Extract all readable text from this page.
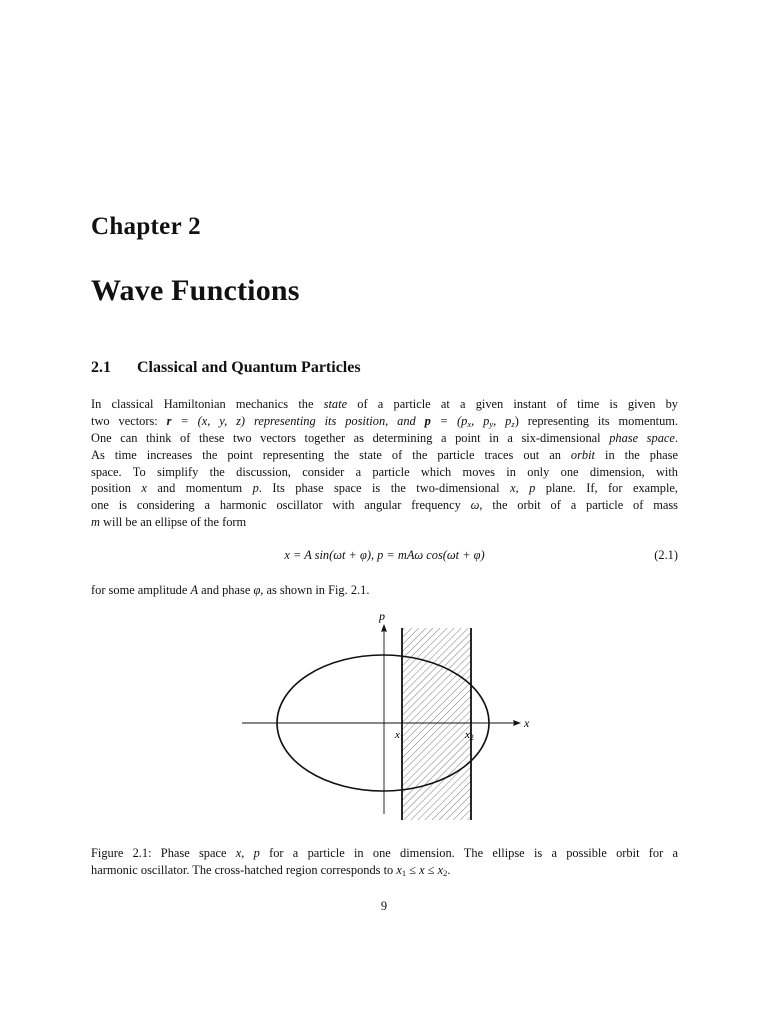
Chapter 2
Wave Functions
2.1 Classical and Quantum Particles
In classical Hamiltonian mechanics the state of a particle at a given instant of time is given by
two vectors: r = (x, y, z) representing its position, and $p = (p_x$, $p_y$, $p_z$) representing its momentum.
One can think of these two vectors together as determining a point in a six-dimensional phase space.
As time increases the point representing the state of the particle traces out an orbit in the phase
space. To simplify the discussion, consider a particle which moves in only one dimension, with
position x and momentum p. Its phase space is the two-dimensional x, p plane. If, for example,
one is considering a harmonic oscillator with angular frequency ω, the orbit of a particle of mass
m will be an ellipse of the form
x = A sin(ωt + φ), p = mAω cos(ωt + φ)	(2.1)
for some amplitude A and phase φ, as shown in Fig. 2.1.
x
p
x1	x2
Figure 2.1: Phase space x, p for a particle in one dimension. The ellipse is a possible orbit for a
harmonic oscillator. The cross-hatched region corresponds to $x_1 \le x \le x_2$.
9
